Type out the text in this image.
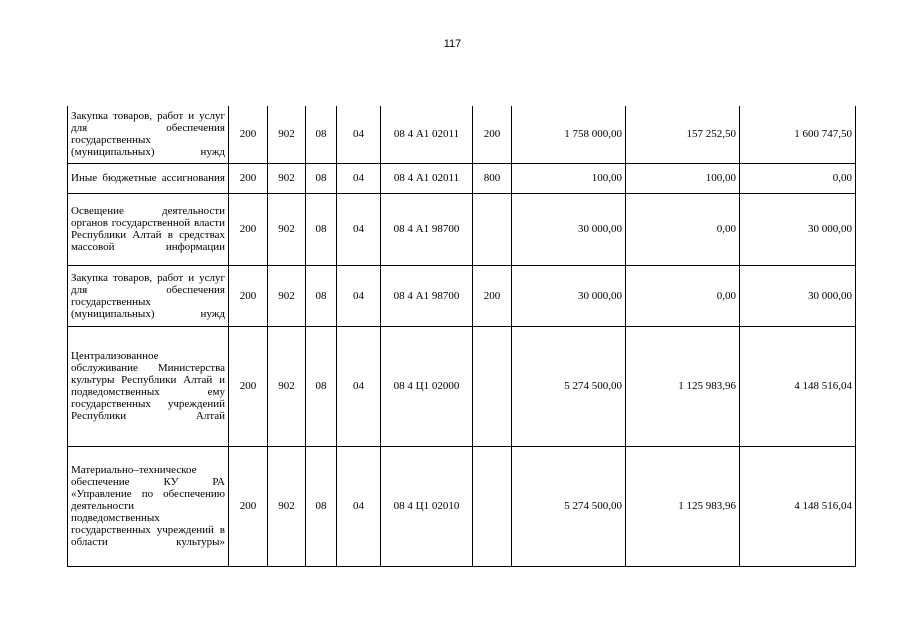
117
Закупка товаров, работ и услуг для обеспечения государственных (муниципальных) нужд	200	902	08	04	08 4 А1 02011	200	1 758 000,00	157 252,50	1 600 747,50
Иные бюджетные ассигнования	200	902	08	04	08 4 А1 02011	800	100,00	100,00	0,00
Освещение деятельности органов государственной власти Республики Алтай в средствах массовой информации	200	902	08	04	08 4 А1 98700		30 000,00	0,00	30 000,00
Закупка товаров, работ и услуг для обеспечения государственных (муниципальных) нужд	200	902	08	04	08 4 А1 98700	200	30 000,00	0,00	30 000,00
Централизованное обслуживание Министерства культуры Республики Алтай и подведомственных ему государственных учреждений Республики Алтай	200	902	08	04	08 4 Ц1 02000		5 274 500,00	1 125 983,96	4 148 516,04
Материально–техническое обеспечение КУ РА «Управление по обеспечению деятельности подведомственных государственных учреждений в области культуры»	200	902	08	04	08 4 Ц1 02010		5 274 500,00	1 125 983,96	4 148 516,04
